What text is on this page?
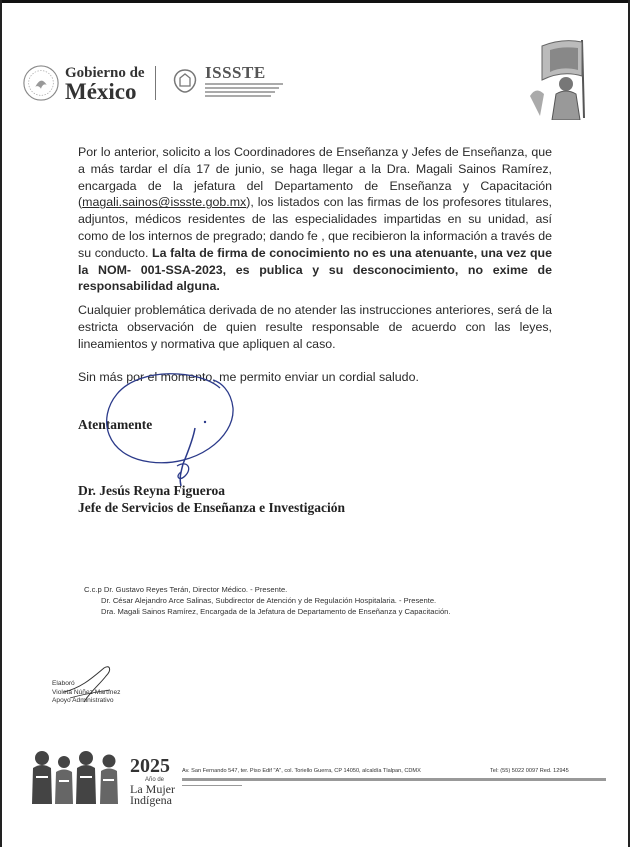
Gobierno de
México
ISSSTE
Por lo anterior, solicito a los Coordinadores de Enseñanza y Jefes de Enseñanza, que a más tardar el día 17 de junio, se haga llegar a la Dra. Magali Sainos Ramírez, encargada de la jefatura del Departamento de Enseñanza y Capacitación (magali.sainos@issste.gob.mx), los listados con las firmas de los profesores titulares, adjuntos, médicos residentes de las especialidades impartidas en su unidad, así como de los internos de pregrado; dando fe , que recibieron la información a través de su conducto. La falta de firma de conocimiento no es una atenuante, una vez que la NOM- 001-SSA-2023, es publica y su desconocimiento, no exime de responsabilidad alguna.
Cualquier problemática derivada de no atender las instrucciones anteriores, será de la estricta observación de quien resulte responsable de acuerdo con las leyes, lineamientos y normativa que apliquen al caso.
Sin más por el momento, me permito enviar un cordial saludo.
Atentamente
Dr. Jesús Reyna Figueroa
Jefe de Servicios de Enseñanza e Investigación
C.c.p Dr. Gustavo Reyes Terán, Director Médico. - Presente.
Dr. César Alejandro Arce Salinas, Subdirector de Atención y de Regulación Hospitalaria. - Presente.
Dra. Magali Sainos Ramírez, Encargada de la Jefatura de Departamento de Enseñanza y Capacitación.
Elaboró
Violeta Núñez Martínez
Apoyo Administrativo
2025
Año de
La Mujer
Indígena
Av. San Fernando 547, ter. Piso Edif "A", col. Toriello Guerra, CP 14050, alcaldía Tlalpan, CDMX	Tel: (55) 5022 0097 Red. 12945
